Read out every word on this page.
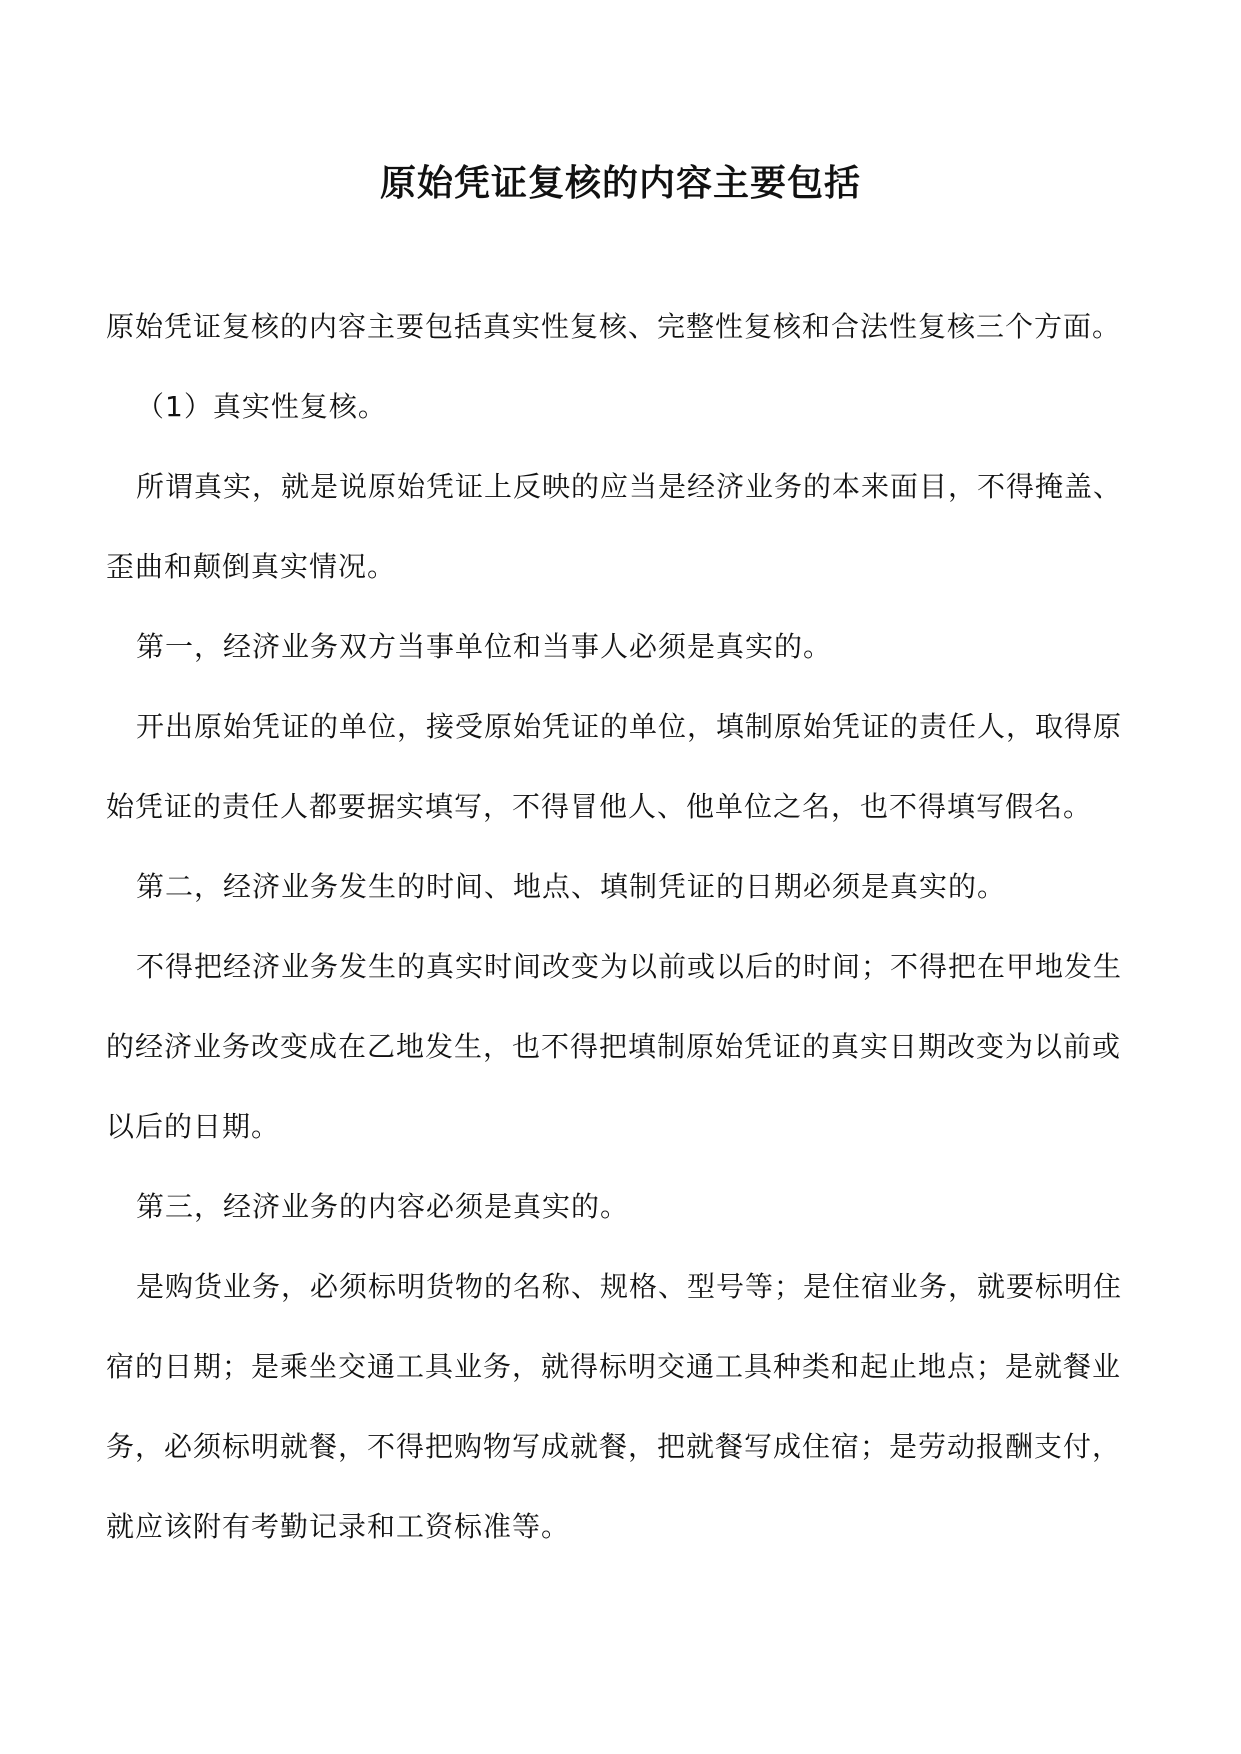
原始凭证复核的内容主要包括

原始凭证复核的内容主要包括真实性复核、完整性复核和合法性复核三个方面。

（1）真实性复核。

所谓真实，就是说原始凭证上反映的应当是经济业务的本来面目，不得掩盖、

歪曲和颠倒真实情况。

第一，经济业务双方当事单位和当事人必须是真实的。

开出原始凭证的单位，接受原始凭证的单位，填制原始凭证的责任人，取得原

始凭证的责任人都要据实填写，不得冒他人、他单位之名，也不得填写假名。

第二，经济业务发生的时间、地点、填制凭证的日期必须是真实的。

不得把经济业务发生的真实时间改变为以前或以后的时间；不得把在甲地发生

的经济业务改变成在乙地发生，也不得把填制原始凭证的真实日期改变为以前或

以后的日期。

第三，经济业务的内容必须是真实的。

是购货业务，必须标明货物的名称、规格、型号等；是住宿业务，就要标明住

宿的日期；是乘坐交通工具业务，就得标明交通工具种类和起止地点；是就餐业

务，必须标明就餐，不得把购物写成就餐，把就餐写成住宿；是劳动报酬支付，

就应该附有考勤记录和工资标准等。
